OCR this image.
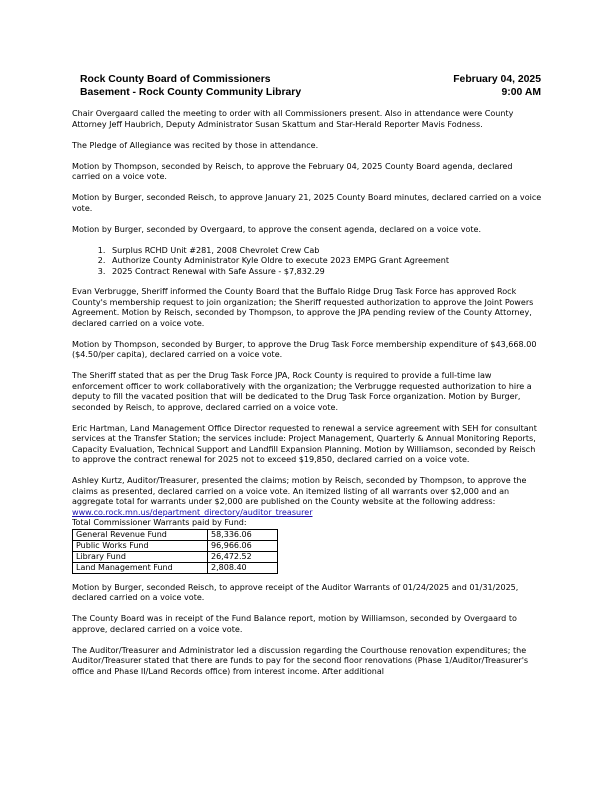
Rock County Board of Commissioners	February 04, 2025
Basement - Rock County Community Library	9:00 AM

Chair Overgaard called the meeting to order with all Commissioners present. Also in attendance were County Attorney Jeff Haubrich, Deputy Administrator Susan Skattum and Star-Herald Reporter Mavis Fodness.

The Pledge of Allegiance was recited by those in attendance.

Motion by Thompson, seconded by Reisch, to approve the February 04, 2025 County Board agenda, declared carried on a voice vote.

Motion by Burger, seconded Reisch, to approve January 21, 2025 County Board minutes, declared carried on a voice vote.

Motion by Burger, seconded by Overgaard, to approve the consent agenda, declared on a voice vote.

1. Surplus RCHD Unit #281, 2008 Chevrolet Crew Cab
2. Authorize County Administrator Kyle Oldre to execute 2023 EMPG Grant Agreement
3. 2025 Contract Renewal with Safe Assure - $7,832.29

Evan Verbrugge, Sheriff informed the County Board that the Buffalo Ridge Drug Task Force has approved Rock County's membership request to join organization; the Sheriff requested authorization to approve the Joint Powers Agreement. Motion by Reisch, seconded by Thompson, to approve the JPA pending review of the County Attorney, declared carried on a voice vote.

Motion by Thompson, seconded by Burger, to approve the Drug Task Force membership expenditure of $43,668.00 ($4.50/per capita), declared carried on a voice vote.

The Sheriff stated that as per the Drug Task Force JPA, Rock County is required to provide a full-time law enforcement officer to work collaboratively with the organization; the Verbrugge requested authorization to hire a deputy to fill the vacated position that will be dedicated to the Drug Task Force organization. Motion by Burger, seconded by Reisch, to approve, declared carried on a voice vote.

Eric Hartman, Land Management Office Director requested to renewal a service agreement with SEH for consultant services at the Transfer Station; the services include: Project Management, Quarterly & Annual Monitoring Reports, Capacity Evaluation, Technical Support and Landfill Expansion Planning. Motion by Williamson, seconded by Reisch to approve the contract renewal for 2025 not to exceed $19,850, declared carried on a voice vote.

Ashley Kurtz, Auditor/Treasurer, presented the claims; motion by Reisch, seconded by Thompson, to approve the claims as presented, declared carried on a voice vote. An itemized listing of all warrants over $2,000 and an aggregate total for warrants under $2,000 are published on the County website at the following address: www.co.rock.mn.us/department_directory/auditor_treasurer

Total Commissioner Warrants paid by Fund:
General Revenue Fund	58,336.06
Public Works Fund	96,966.06
Library Fund	26,472.52
Land Management Fund	2,808.40

Motion by Burger, seconded Reisch, to approve receipt of the Auditor Warrants of 01/24/2025 and 01/31/2025, declared carried on a voice vote.

The County Board was in receipt of the Fund Balance report, motion by Williamson, seconded by Overgaard to approve, declared carried on a voice vote.

The Auditor/Treasurer and Administrator led a discussion regarding the Courthouse renovation expenditures; the Auditor/Treasurer stated that there are funds to pay for the second floor renovations (Phase 1/Auditor/Treasurer's office and Phase II/Land Records office) from interest income. After additional
